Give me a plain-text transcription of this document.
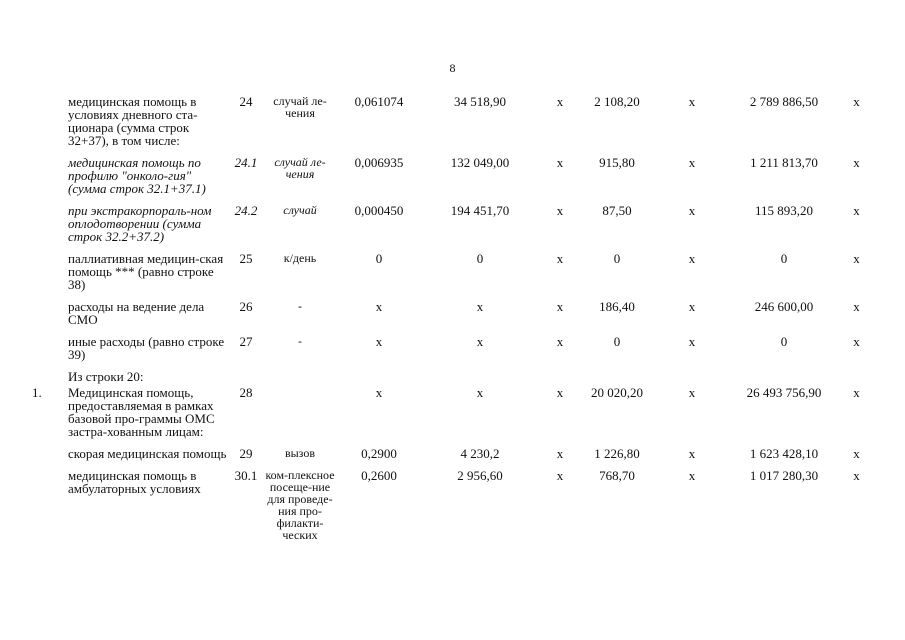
8
	медицинская помощь в условиях дневного ста-ционара (сумма строк 32+37), в том числе:	24	случай ле-чения	0,061074	34 518,90	х	2 108,20	х	2 789 886,50	х
	медицинская помощь по профилю "онколо-гия" (сумма строк 32.1+37.1)	24.1	случай ле-чения	0,006935	132 049,00	х	915,80	х	1 211 813,70	х
	при экстракорпораль-ном оплодотворении (сумма строк 32.2+37.2)	24.2	случай	0,000450	194 451,70	х	87,50	х	115 893,20	х
	паллиативная медицин-ская помощь *** (равно строке 38)	25	к/день	0	0	х	0	х	0	х
	расходы на ведение дела СМО	26	-	х	х	х	186,40	х	246 600,00	х
	иные расходы (равно строке 39)	27	-	х	х	х	0	х	0	х
	Из строки 20:									
1.	Медицинская помощь, предоставляемая в рамках базовой про-граммы ОМС застра-хованным лицам:	28		х	х	х	20 020,20	х	26 493 756,90	х
	скорая медицинская помощь	29	вызов	0,2900	4 230,2	х	1 226,80	х	1 623 428,10	х
	медицинская помощь в амбулаторных условиях	30.1	ком-плексное посеще-ние для проведе-ния про-филакти-ческих	0,2600	2 956,60	х	768,70	х	1 017 280,30	х
